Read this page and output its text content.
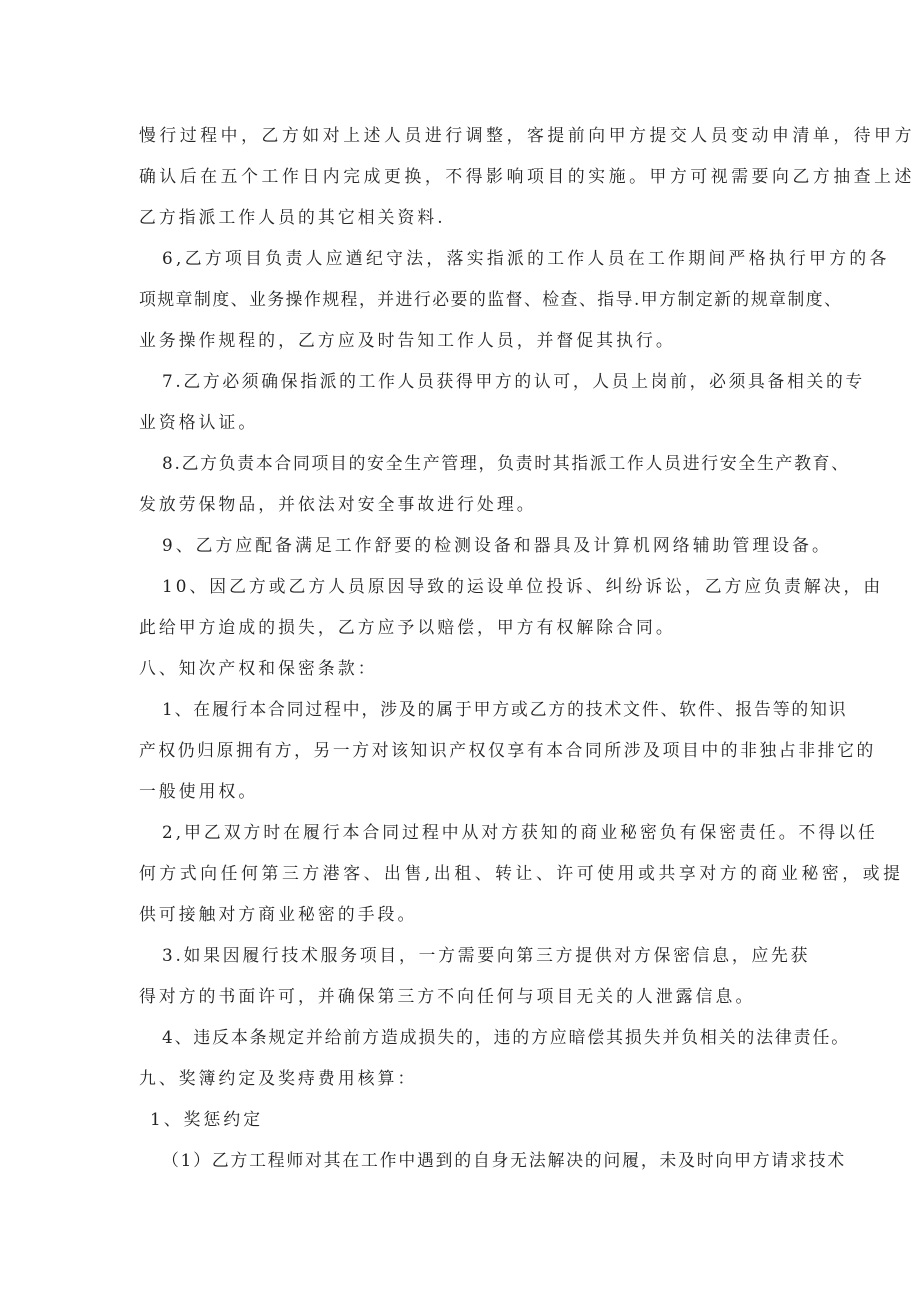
慢行过程中，乙方如对上述人员进行调整，客提前向甲方提交人员变动申清单，待甲方
确认后在五个工作日内完成更换，不得影响项目的实施。甲方可视需要向乙方抽查上述
乙方指派工作人员的其它相关资料.
6,乙方项目负责人应遒纪守法，落实指派的工作人员在工作期间严格执行甲方的各
项规章制度、业务操作规程，并进行必要的监督、检查、指导.甲方制定新的规章制度、
业务操作规程的，乙方应及时告知工作人员，并督促其执行。
7.乙方必须确保指派的工作人员获得甲方的认可，人员上岗前，必须具备相关的专
业资格认证。
8.乙方负责本合同项目的安全生产管理，负责时其指派工作人员进行安全生产教育、
发放劳保物品，并依法对安全事故进行处理。
9、乙方应配备满足工作舒要的检测设备和器具及计算机网络辅助管理设备。
10、因乙方或乙方人员原因导致的运设单位投诉、纠纷诉讼，乙方应负责解决，由
此给甲方迨成的损失，乙方应予以赔偿，甲方有权解除合同。
八、知次产权和保密条款：
1、在履行本合同过程中，涉及的属于甲方或乙方的技术文件、软件、报告等的知识
产权仍归原拥有方，另一方对该知识产权仅享有本合同所涉及项目中的非独占非排它的
一般使用权。
2,甲乙双方时在履行本合同过程中从对方获知的商业秘密负有保密责任。不得以任
何方式向任何第三方港客、出售,出租、转让、许可使用或共享对方的商业秘密，或提
供可接触对方商业秘密的手段。
3.如果因履行技术服务项目，一方需要向第三方提供对方保密信息，应先获
得对方的书面许可，并确保第三方不向任何与项目无关的人泄露信息。
4、违反本条规定并给前方造成损失的，违的方应暗偿其损失并负相关的法律责任。
九、奖簿约定及奖痔费用核算：
1、奖惩约定
（1）乙方工程师对其在工作中遇到的自身无法解决的问履，未及时向甲方请求技术
